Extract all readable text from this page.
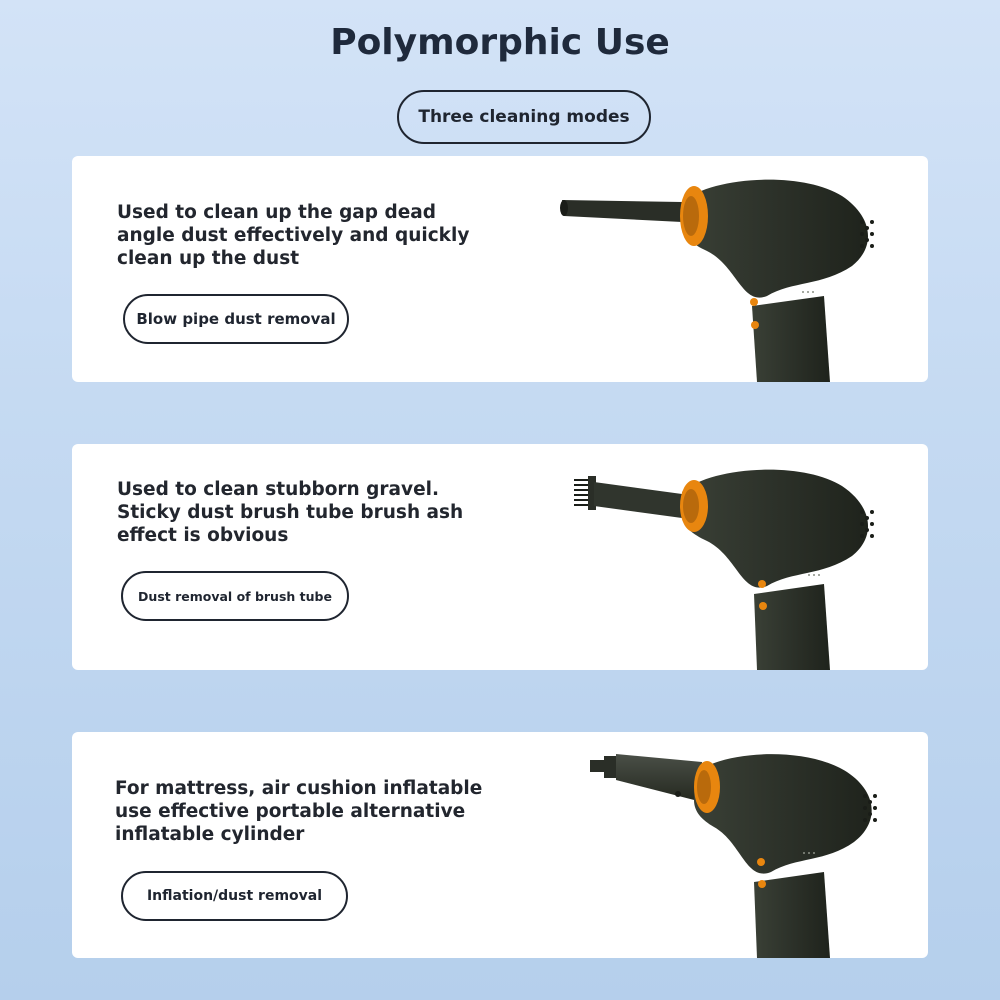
Polymorphic Use
Three cleaning modes
Used to clean up the gap dead angle dust effectively and quickly clean up the dust
Blow pipe dust removal
Used to clean stubborn gravel. Sticky dust brush tube brush ash effect is obvious
Dust removal of brush tube
For mattress, air cushion inflatable use effective portable alternative inflatable cylinder
Inflation/dust removal
